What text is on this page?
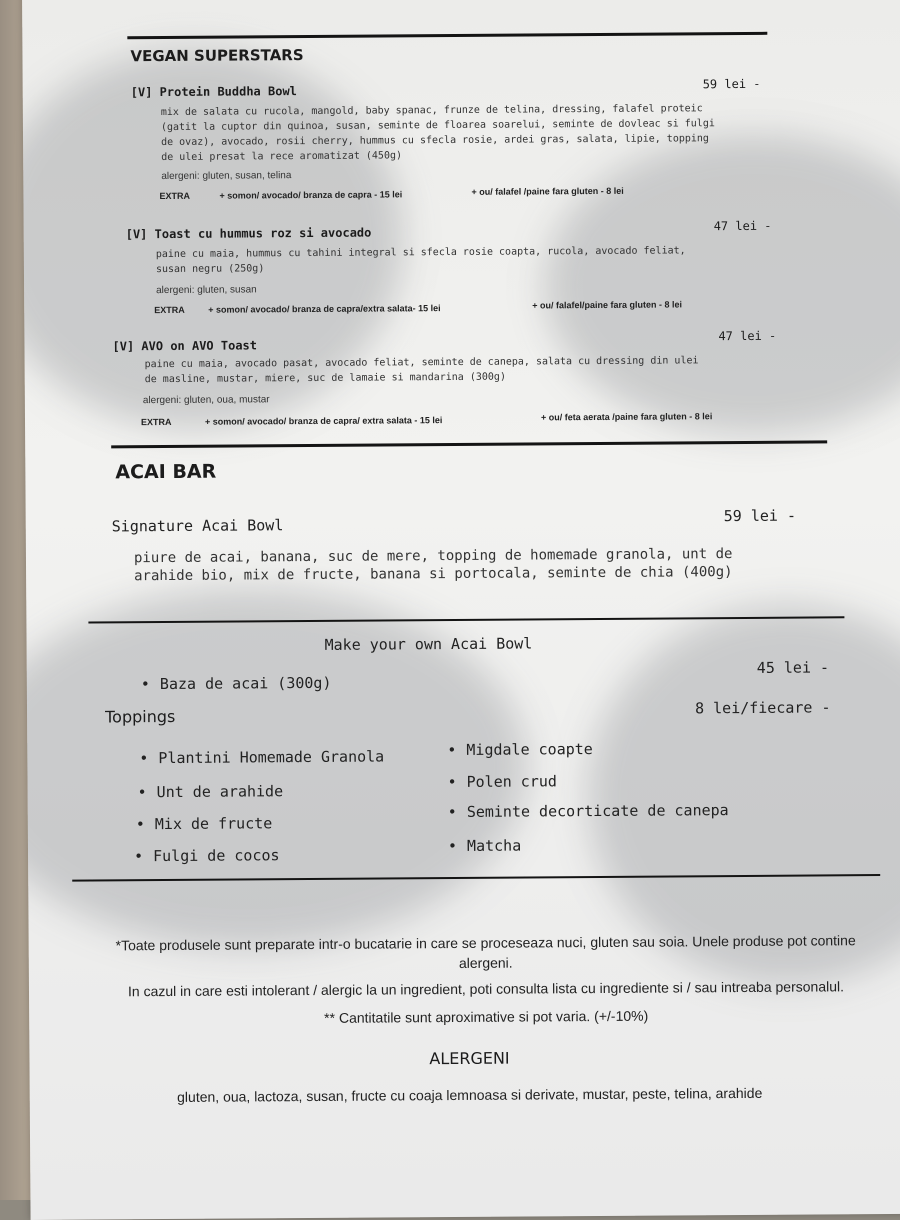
VEGAN SUPERSTARS
[V] Protein Buddha Bowl
59 lei -
mix de salata cu rucola, mangold, baby spanac, frunze de telina, dressing, falafel proteic (gatit la cuptor din quinoa, susan, seminte de floarea soarelui, seminte de dovleac si fulgi de ovaz), avocado, rosii cherry, hummus cu sfecla rosie, ardei gras, salata, lipie, topping de ulei presat la rece aromatizat (450g)
alergeni: gluten, susan, telina
EXTRA	+ somon/ avocado/ branza de capra - 15 lei	+ ou/ falafel /paine fara gluten - 8 lei
[V] Toast cu hummus roz si avocado	47 lei -
paine cu maia, hummus cu tahini integral si sfecla rosie coapta, rucola, avocado feliat, susan negru (250g)
alergeni: gluten, susan
EXTRA	+ somon/ avocado/ branza de capra/extra salata- 15 lei	+ ou/ falafel/paine fara gluten - 8 lei
[V] AVO on AVO Toast
47 lei -
paine cu maia, avocado pasat, avocado feliat, seminte de canepa, salata cu dressing din ulei de masline, mustar, miere, suc de lamaie si mandarina (300g)
alergeni: gluten, oua, mustar
EXTRA	+ somon/ avocado/ branza de capra/ extra salata - 15 lei	+ ou/ feta aerata /paine fara gluten - 8 lei
ACAI BAR
Signature Acai Bowl
59 lei -
piure de acai, banana, suc de mere, topping de homemade granola, unt de arahide bio, mix de fructe, banana si portocala, seminte de chia (400g)
Make your own Acai Bowl
• Baza de acai (300g)
45 lei -
Toppings	8 lei/fiecare -
• Plantini Homemade Granola
• Unt de arahide
• Mix de fructe
• Fulgi de cocos
• Migdale coapte
• Polen crud
• Seminte decorticate de canepa
• Matcha
*Toate produsele sunt preparate intr-o bucatarie in care se proceseaza nuci, gluten sau soia. Unele produse pot contine alergeni.
In cazul in care esti intolerant / alergic la un ingredient, poti consulta lista cu ingrediente si / sau intreaba personalul.
** Cantitatile sunt aproximative si pot varia. (+/-10%)
ALERGENI
gluten, oua, lactoza, susan, fructe cu coaja lemnoasa si derivate, mustar, peste, telina, arahide
